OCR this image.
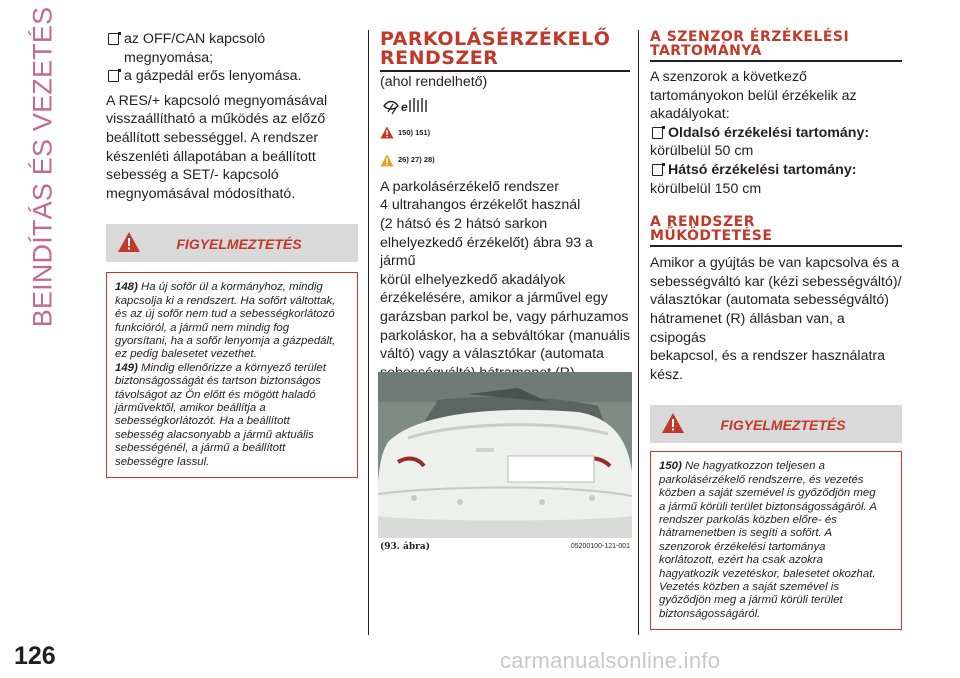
BEINDÍTÁS ÉS VEZETÉS
126	carmanualsonline.info
az OFF/CAN kapcsoló megnyomása;
a gázpedál erős lenyomása.

A RES/+ kapcsoló megnyomásával

visszaállítható a működés az előző

beállított sebességgel. A rendszer

készenléti állapotában a beállított

sebesség a SET/- kapcsoló

megnyomásával módosítható.

FIGYELMEZTETÉS

148) Ha új sofőr ül a kormányhoz, mindig

kapcsolja ki a rendszert. Ha sofőrt váltottak,

és az új sofőr nem tud a sebességkorlátozó

funkcióról, a jármű nem mindig fog

gyorsítani, ha a sofőr lenyomja a gázpedált,

ez pedig balesetet vezethet.

149) Mindig ellenőrizze a környező terület

biztonságosságát és tartson biztonságos

távolságot az Ön előtt és mögött haladó

járművektől, amikor beállítja a

sebességkorlátozót. Ha a beállított

sebesség alacsonyabb a jármű aktuális

sebességénél, a jármű a beállított

sebességre lassul.

PARKOLÁSÉRZÉKELŐ
RENDSZER

(ahol rendelhető)

e
150) 151)
26) 27) 28)

A parkolásérzékelő rendszer

4 ultrahangos érzékelőt használ

(2 hátsó és 2 hátsó sarkon

elhelyezkedő érzékelőt) ábra 93 a jármű

körül elhelyezkedő akadályok

érzékelésére, amikor a járművel egy

garázsban parkol be, vagy párhuzamos

parkoláskor, ha a sebváltókar (manuális

váltó) vagy a választókar (automata

(93. ábra)	05200100-121-001
A SZENZOR ÉRZÉKELÉSI
TARTOMÁNYA

A szenzorok a következő

tartományokon belül érzékelik az

akadályokat:

Oldalsó érzékelési tartomány:

körülbelül 50 cm

Hátsó érzékelési tartomány:

körülbelül 150 cm

A RENDSZER
MŰKÖDTETÉSE

Amikor a gyújtás be van kapcsolva és a

sebességváltó kar (kézi sebességváltó)/

választókar (automata sebességváltó)

hátramenet (R) állásban van, a csipogás

bekapcsol, és a rendszer használatra

kész.

FIGYELMEZTETÉS

150) Ne hagyatkozzon teljesen a

parkolásérzékelő rendszerre, és vezetés

közben a saját szemével is győződjön meg

a jármű körüli terület biztonságosságáról. A

rendszer parkolás közben előre- és

hátramenetben is segíti a sofőrt. A

szenzorok érzékelési tartománya

korlátozott, ezért ha csak azokra

hagyatkozik vezetéskor, balesetet okozhat.

Vezetés közben a saját szemével is

győződjön meg a jármű körüli terület

biztonságosságáról.
